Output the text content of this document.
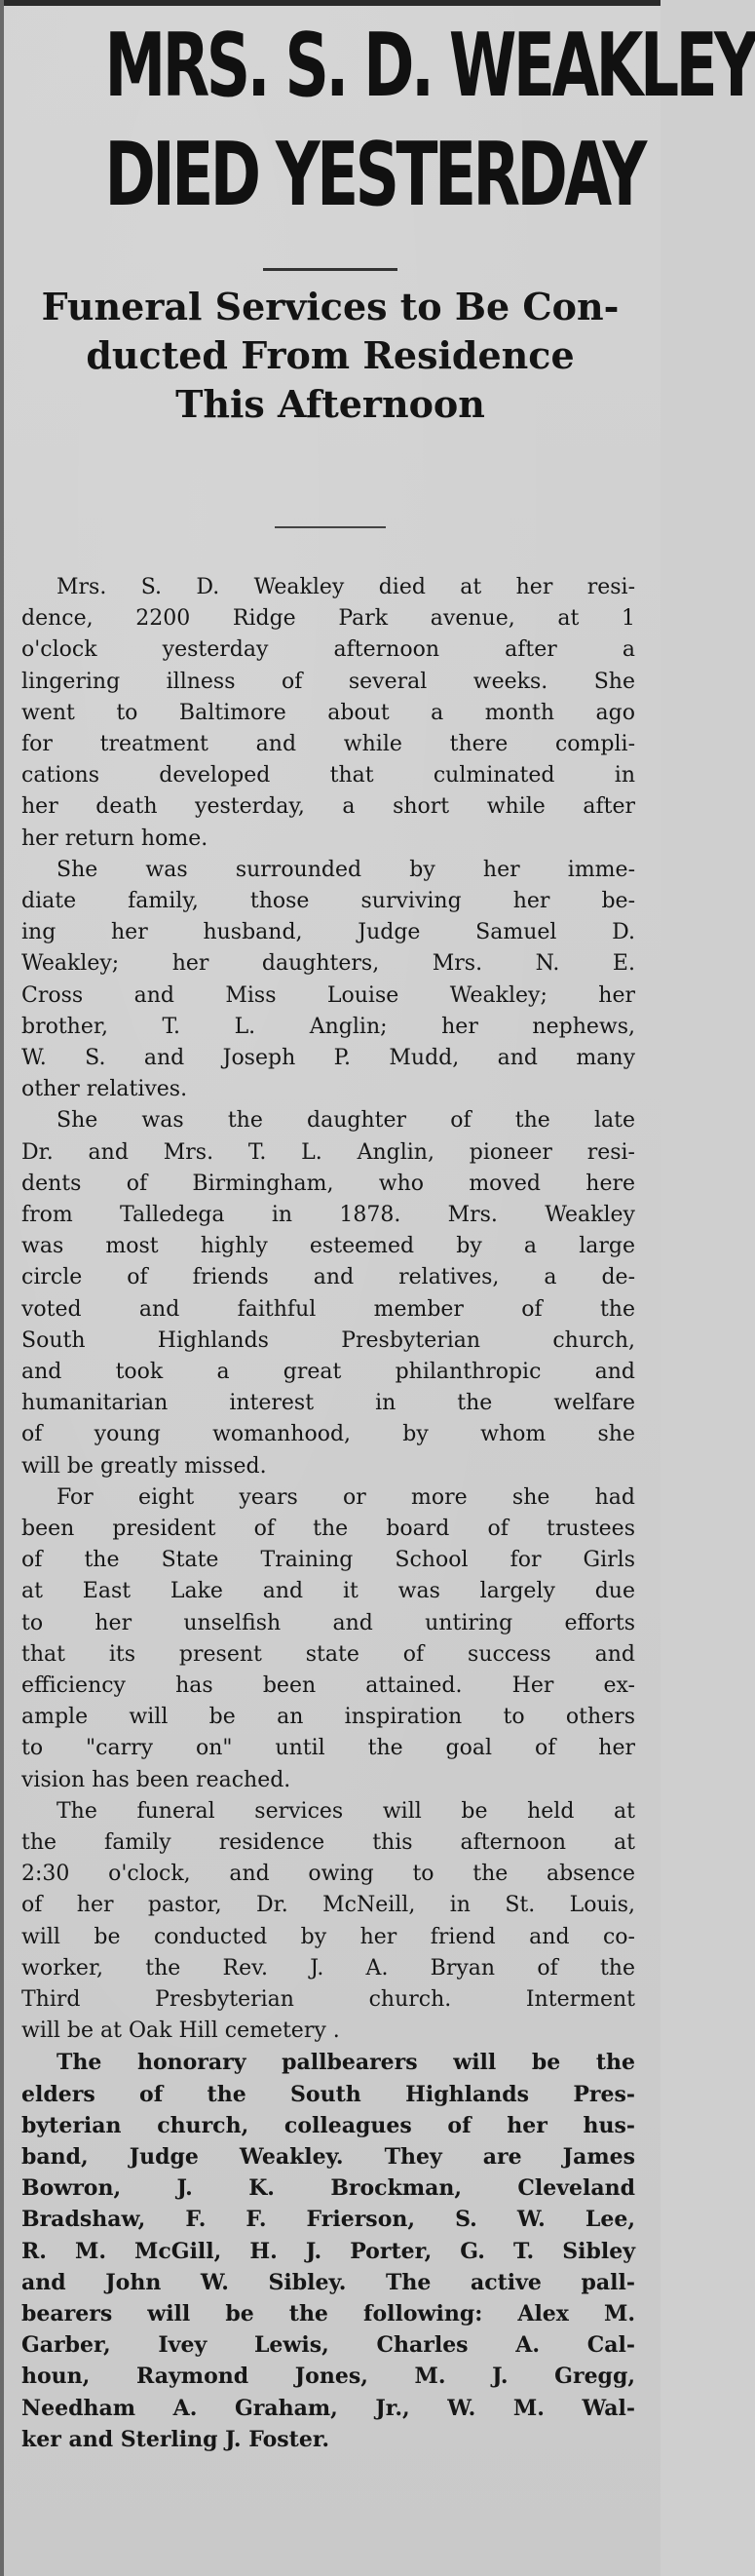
MRS. S. D. WEAKLEY
DIED YESTERDAY
Funeral Services to Be Con-
ducted From Residence
This Afternoon
Mrs. S. D. Weakley died at her resi-
dence, 2200 Ridge Park avenue, at 1
o'clock yesterday afternoon after a
lingering illness of several weeks. She
went to Baltimore about a month ago
for treatment and while there compli-
cations developed that culminated in
her death yesterday, a short while after
her return home.
She was surrounded by her imme-
diate family, those surviving her be-
ing her husband, Judge Samuel D.
Weakley; her daughters, Mrs. N. E.
Cross and Miss Louise Weakley; her
brother, T. L. Anglin; her nephews,
W. S. and Joseph P. Mudd, and many
other relatives.
She was the daughter of the late
Dr. and Mrs. T. L. Anglin, pioneer resi-
dents of Birmingham, who moved here
from Talledega in 1878. Mrs. Weakley
was most highly esteemed by a large
circle of friends and relatives, a de-
voted and faithful member of the
South Highlands Presbyterian church,
and took a great philanthropic and
humanitarian interest in the welfare
of young womanhood, by whom she
will be greatly missed.
For eight years or more she had
been president of the board of trustees
of the State Training School for Girls
at East Lake and it was largely due
to her unselfish and untiring efforts
that its present state of success and
efficiency has been attained. Her ex-
ample will be an inspiration to others
to "carry on" until the goal of her
vision has been reached.
The funeral services will be held at
the family residence this afternoon at
2:30 o'clock, and owing to the absence
of her pastor, Dr. McNeill, in St. Louis,
will be conducted by her friend and co-
worker, the Rev. J. A. Bryan of the
Third Presbyterian church. Interment
will be at Oak Hill cemetery .
The honorary pallbearers will be the
elders of the South Highlands Pres-
byterian church, colleagues of her hus-
band, Judge Weakley. They are James
Bowron, J. K. Brockman, Cleveland
Bradshaw, F. F. Frierson, S. W. Lee,
R. M. McGill, H. J. Porter, G. T. Sibley
and John W. Sibley. The active pall-
bearers will be the following: Alex M.
Garber, Ivey Lewis, Charles A. Cal-
houn, Raymond Jones, M. J. Gregg,
Needham A. Graham, Jr., W. M. Wal-
ker and Sterling J. Foster.
